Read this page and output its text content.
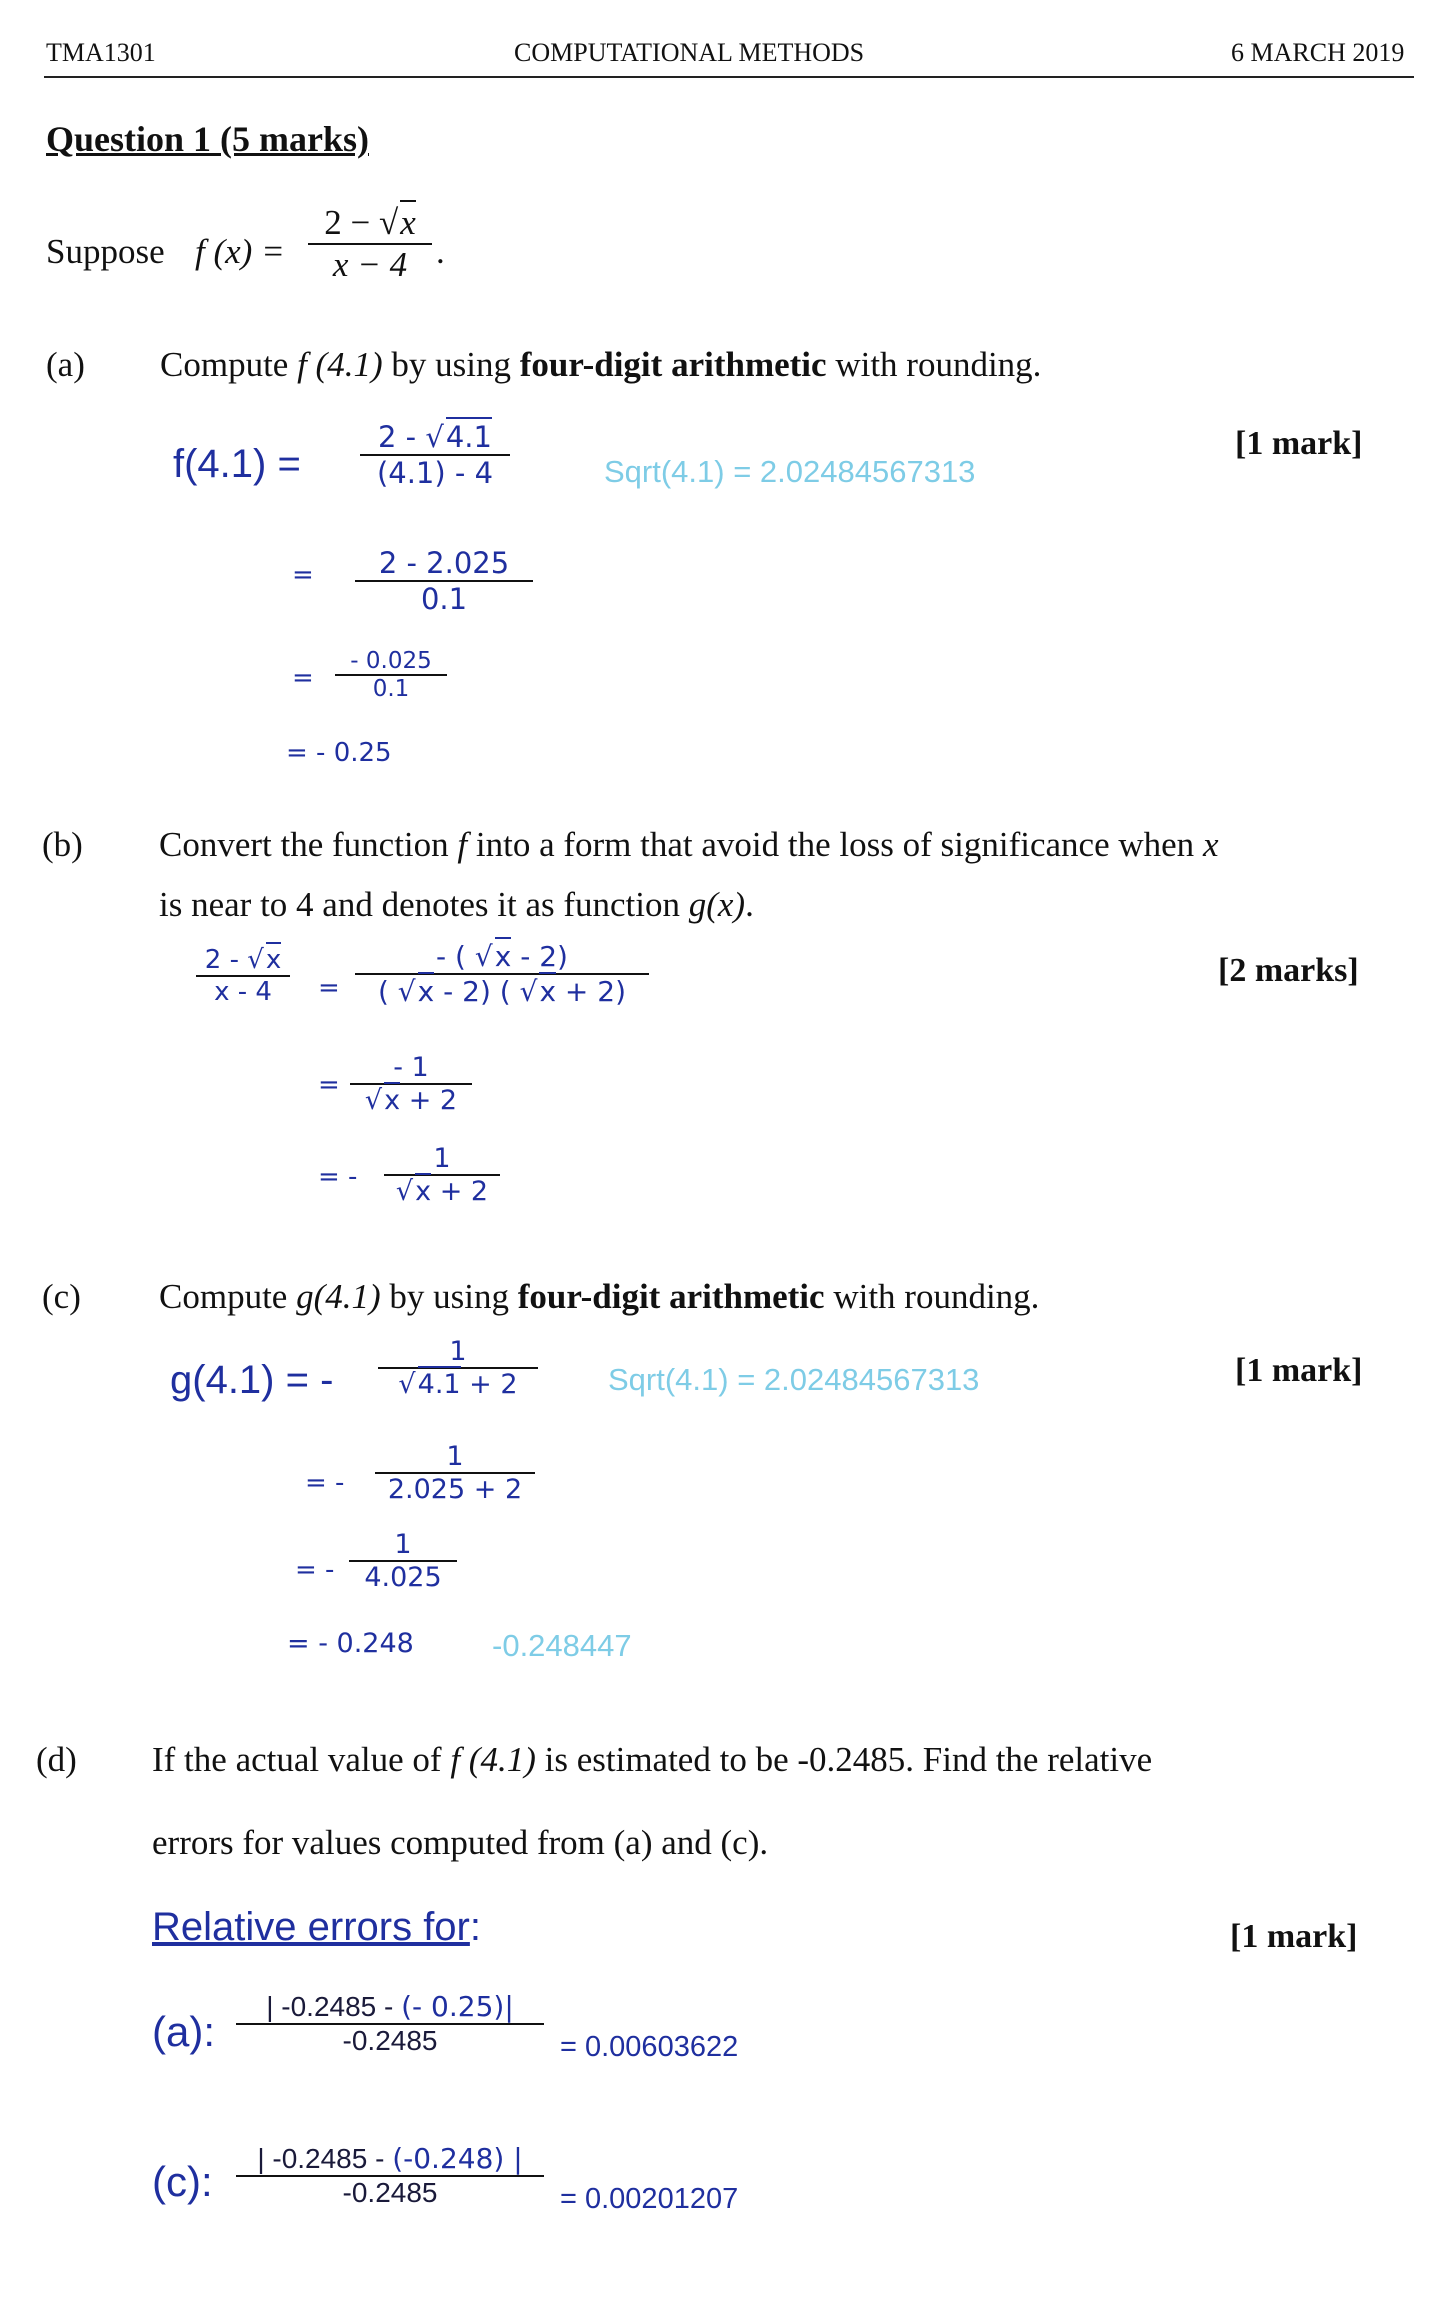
TMA1301	COMPUTATIONAL METHODS	6 MARCH 2019
Question 1 (5 marks)
Suppose f (x) =
2 − √x
x − 4 .
(a) Compute f (4.1) by using four-digit arithmetic with rounding.
[1 mark]
f(4.1) =
2 - √4.1
(4.1) - 4	Sqrt(4.1) = 2.02484567313
= 2 - 2.025
0.1
=
- 0.025
0.1
= - 0.25
(b) Convert the function f into a form that avoid the loss of significance when x
is near to 4 and denotes it as function g(x).
[2 marks]
2 - √x
x - 4 =
- ( √x - 2)
( √x - 2) ( √x + 2)
=
- 1
√x + 2
= -
1
√x + 2
(c) Compute g(4.1) by using four-digit arithmetic with rounding.
[1 mark]
g(4.1) = -
1
√4.1 + 2	Sqrt(4.1) = 2.02484567313
= -
1
2.025 + 2
= -
1
4.025
= - 0.248	-0.248447
(d) If the actual value of f (4.1) is estimated to be -0.2485. Find the relative
errors for values computed from (a) and (c).
Relative errors for:	[1 mark]
(a):
| -0.2485 - (- 0.25)|
-0.2485	= 0.00603622
(c): | -0.2485 - (-0.248) |
-0.2485	= 0.00201207
